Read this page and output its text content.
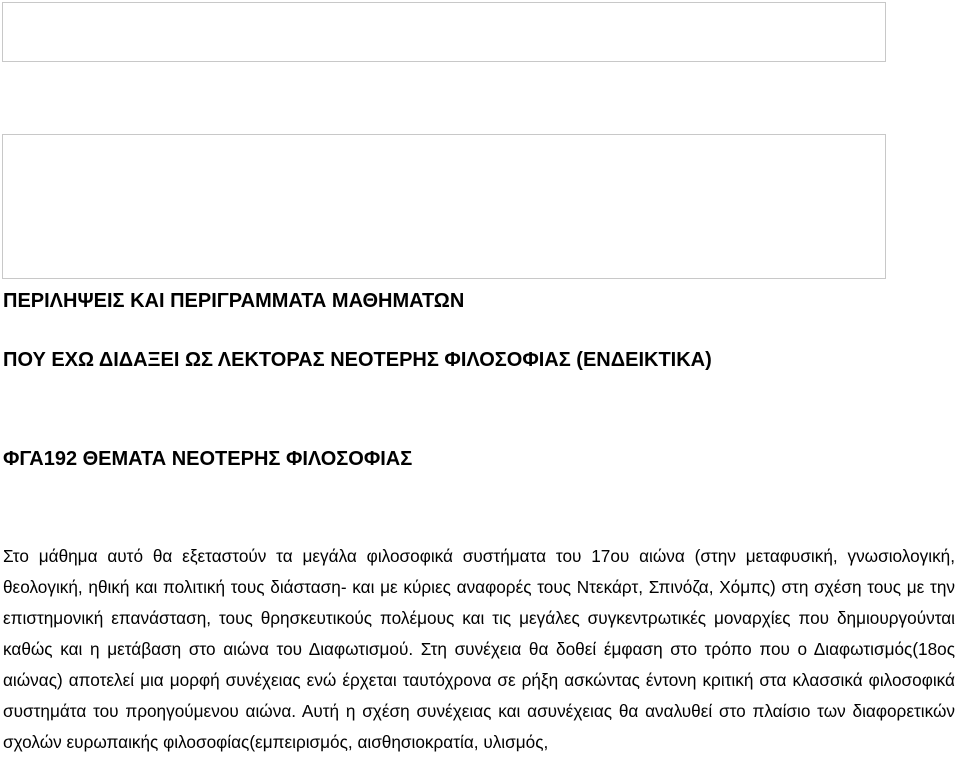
ΠΕΡΙΛΗΨΕΙΣ ΚΑΙ ΠΕΡΙΓΡΑΜΜΑΤΑ ΜΑΘΗΜΑΤΩΝ
ΠΟΥ ΕΧΩ ΔΙΔΑΞΕΙ ΩΣ ΛΕΚΤΟΡΑΣ ΝΕΟΤΕΡΗΣ ΦΙΛΟΣΟΦΙΑΣ (ΕΝΔΕΙΚΤΙΚΑ)
ΦΓΑ192 ΘΕΜΑΤΑ ΝΕΟΤΕΡΗΣ ΦΙΛΟΣΟΦΙΑΣ

Στο μάθημα αυτό θα εξεταστούν τα μεγάλα φιλοσοφικά συστήματα του 17ου αιώνα (στην μεταφυσική, γνωσιολογική, θεολογική, ηθική και πολιτική τους διάσταση- και με κύριες αναφορές τους Ντεκάρτ, Σπινόζα, Χόμπς) στη σχέση τους με την επιστημονική επανάσταση, τους θρησκευτικούς πολέμους και τις μεγάλες συγκεντρωτικές μοναρχίες που δημιουργούνται καθώς και η μετάβαση στο αιώνα του Διαφωτισμού. Στη συνέχεια θα δοθεί έμφαση στο τρόπο που ο Διαφωτισμός(18ος αιώνας) αποτελεί μια μορφή συνέχειας ενώ έρχεται ταυτόχρονα σε ρήξη ασκώντας έντονη κριτική στα κλασσικά φιλοσοφικά συστημάτα του προηγούμενου αιώνα. Αυτή η σχέση συνέχειας και ασυνέχειας θα αναλυθεί στο πλαίσιο των διαφορετικών σχολών ευρωπαικής φιλοσοφίας(εμπειρισμός, αισθησιοκρατία, υλισμός,
